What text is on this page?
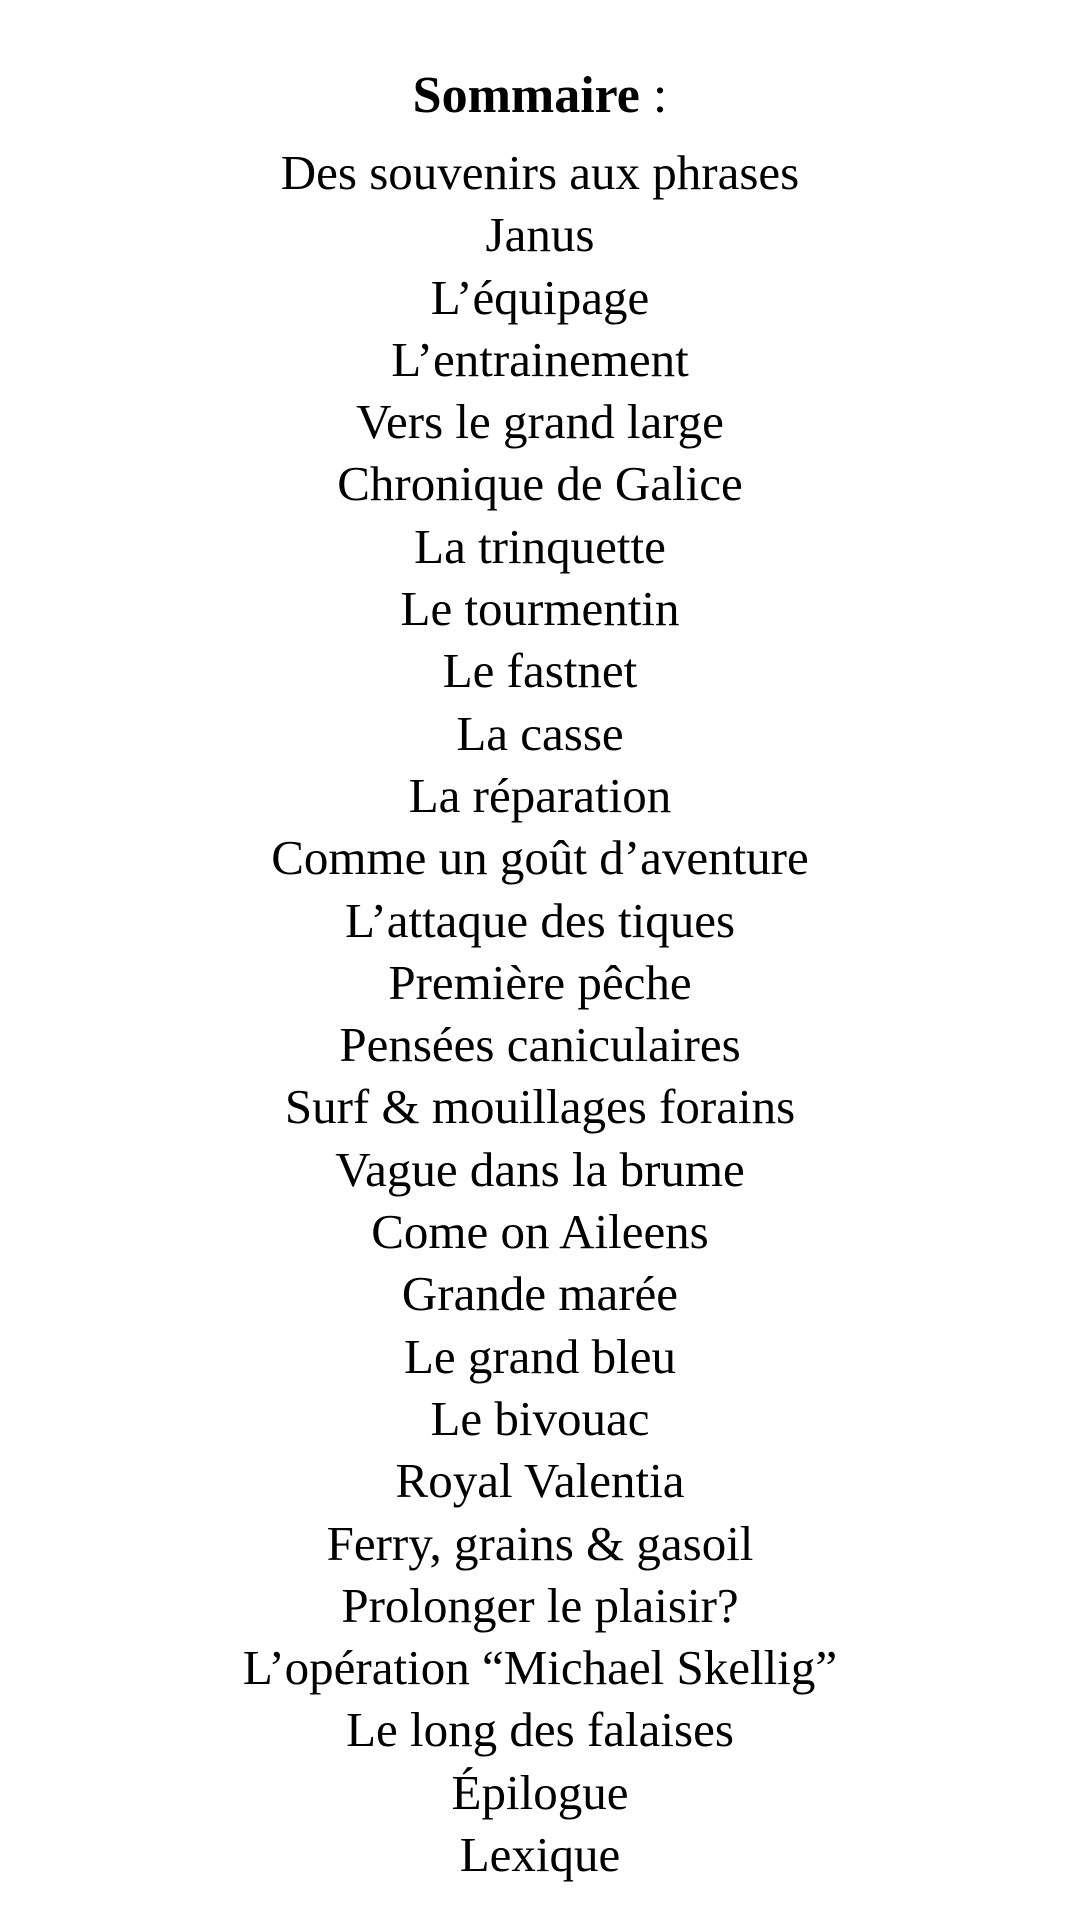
Sommaire :
Des souvenirs aux phrases
Janus
L’équipage
L’entrainement
Vers le grand large
Chronique de Galice
La trinquette
Le tourmentin
Le fastnet
La casse
La réparation
Comme un goût d’aventure
L’attaque des tiques
Première pêche
Pensées caniculaires
Surf & mouillages forains
Vague dans la brume
Come on Aileens
Grande marée
Le grand bleu
Le bivouac
Royal Valentia
Ferry, grains & gasoil
Prolonger le plaisir?
L’opération “Michael Skellig”
Le long des falaises
Épilogue
Lexique
